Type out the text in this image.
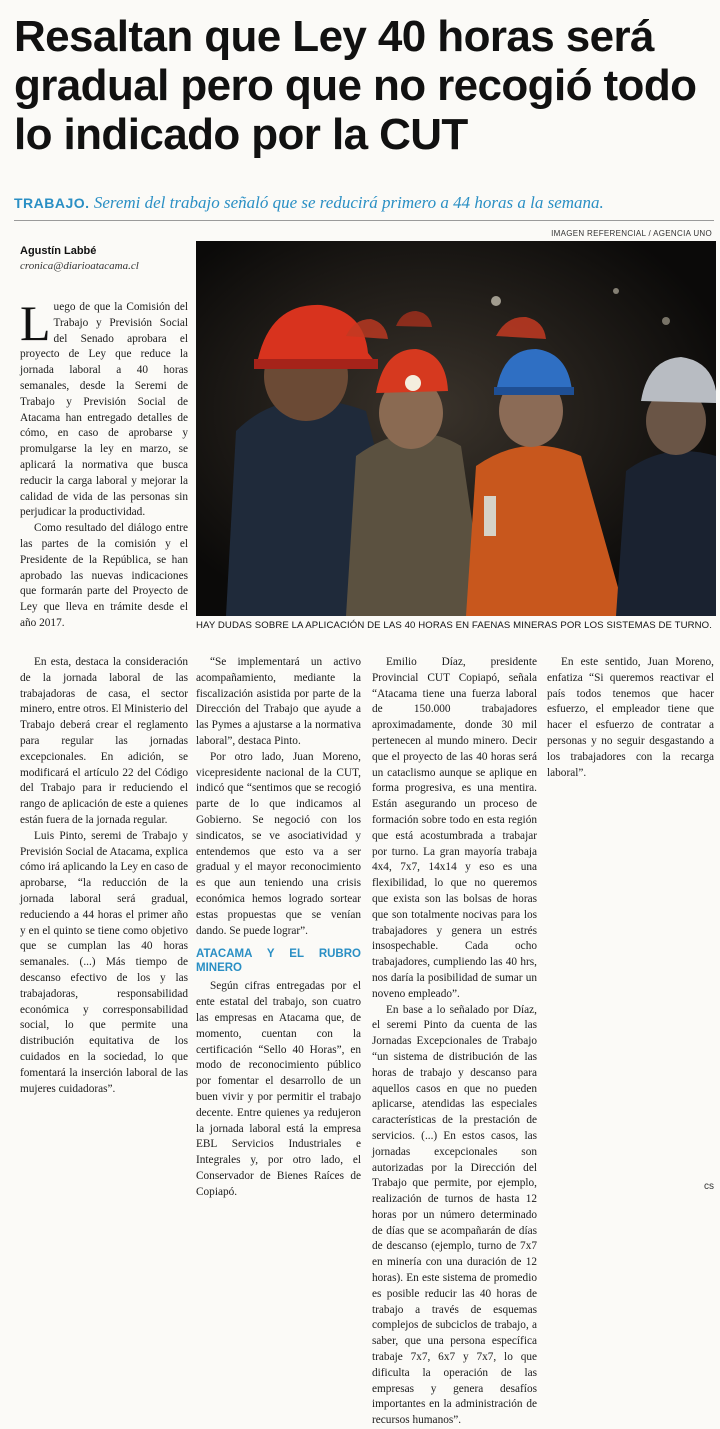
Resaltan que Ley 40 horas será gradual pero que no recogió todo lo indicado por la CUT
TRABAJO. Seremi del trabajo señaló que se reducirá primero a 44 horas a la semana.
Agustín Labbé
cronica@diarioatacama.cl
IMAGEN REFERENCIAL / AGENCIA UNO
HAY DUDAS SOBRE LA APLICACIÓN DE LAS 40 HORAS EN FAENAS MINERAS POR LOS SISTEMAS DE TURNO.

Luego de que la Comisión del Trabajo y Previsión Social del Senado aprobara el proyecto de Ley que reduce la jornada laboral a 40 horas semanales, desde la Seremi de Trabajo y Previsión Social de Atacama han entregado detalles de cómo, en caso de aprobarse y promulgarse la ley en marzo, se aplicará la normativa que busca reducir la carga laboral y mejorar la calidad de vida de las personas sin perjudicar la productividad.

Como resultado del diálogo entre las partes de la comisión y el Presidente de la República, se han aprobado las nuevas indicaciones que formarán parte del Proyecto de Ley que lleva en trámite desde el año 2017.

En esta, destaca la consideración de la jornada laboral de las trabajadoras de casa, el sector minero, entre otros. El Ministerio del Trabajo deberá crear el reglamento para regular las jornadas excepcionales. En adición, se modificará el artículo 22 del Código del Trabajo para ir reduciendo el rango de aplicación de este a quienes están fuera de la jornada regular.

Luis Pinto, seremi de Trabajo y Previsión Social de Atacama, explica cómo irá aplicando la Ley en caso de aprobarse, “la reducción de la jornada laboral será gradual, reduciendo a 44 horas el primer año y en el quinto se tiene como objetivo que se cumplan las 40 horas semanales. (...) Más tiempo de descanso efectivo de los y las trabajadoras, responsabilidad económica y corresponsabilidad social, lo que permite una distribución equitativa de los cuidados en la sociedad, lo que fomentará la inserción laboral de las mujeres cuidadoras”.

“Se implementará un activo acompañamiento, mediante la fiscalización asistida por parte de la Dirección del Trabajo que ayude a las Pymes a ajustarse a la normativa laboral”, destaca Pinto.

Por otro lado, Juan Moreno, vicepresidente nacional de la CUT, indicó que “sentimos que se recogió parte de lo que indicamos al Gobierno. Se negoció con los sindicatos, se ve asociatividad y entendemos que esto va a ser gradual y el mayor reconocimiento es que aun teniendo una crisis económica hemos logrado sortear estas propuestas que se venían dando. Se puede lograr”.

ATACAMA Y EL RUBRO MINERO

Según cifras entregadas por el ente estatal del trabajo, son cuatro las empresas en Atacama que, de momento, cuentan con la certificación “Sello 40 Horas”, en modo de reconocimiento público por fomentar el desarrollo de un buen vivir y por permitir el trabajo decente. Entre quienes ya redujeron la jornada laboral está la empresa EBL Servicios Industriales e Integrales y, por otro lado, el Conservador de Bienes Raíces de Copiapó.

Emilio Díaz, presidente Provincial CUT Copiapó, señala “Atacama tiene una fuerza laboral de 150.000 trabajadores aproximadamente, donde 30 mil pertenecen al mundo minero. Decir que el proyecto de las 40 horas será un cataclismo aunque se aplique en forma progresiva, es una mentira. Están asegurando un proceso de formación sobre todo en esta región que está acostumbrada a trabajar por turno. La gran mayoría trabaja 4x4, 7x7, 14x14 y eso es una flexibilidad, lo que no queremos que exista son las bolsas de horas que son totalmente nocivas para los trabajadores y genera un estrés insospechable. Cada ocho trabajadores, cumpliendo las 40 hrs, nos daría la posibilidad de sumar un noveno empleado”.

En base a lo señalado por Díaz, el seremi Pinto da cuenta de las Jornadas Excepcionales de Trabajo “un sistema de distribución de las horas de trabajo y descanso para aquellos casos en que no pueden aplicarse, atendidas las especiales características de la prestación de servicios. (...) En estos casos, las jornadas excepcionales son autorizadas por la Dirección del Trabajo que permite, por ejemplo, realización de turnos de hasta 12 horas por un número determinado de días que se acompañarán de días de descanso (ejemplo, turno de 7x7 en minería con una duración de 12 horas). En este sistema de promedio es posible reducir las 40 horas de trabajo a través de esquemas complejos de subciclos de trabajo, a saber, que una persona específica trabaje 7x7, 6x7 y 7x7, lo que dificulta la operación de las empresas y genera desafíos importantes en la administración de recursos humanos”.

En este sentido, Juan Moreno, enfatiza “Si queremos reactivar el país todos tenemos que hacer esfuerzo, el empleador tiene que hacer el esfuerzo de contratar a personas y no seguir desgastando a los trabajadores con la recarga laboral”.

cs
